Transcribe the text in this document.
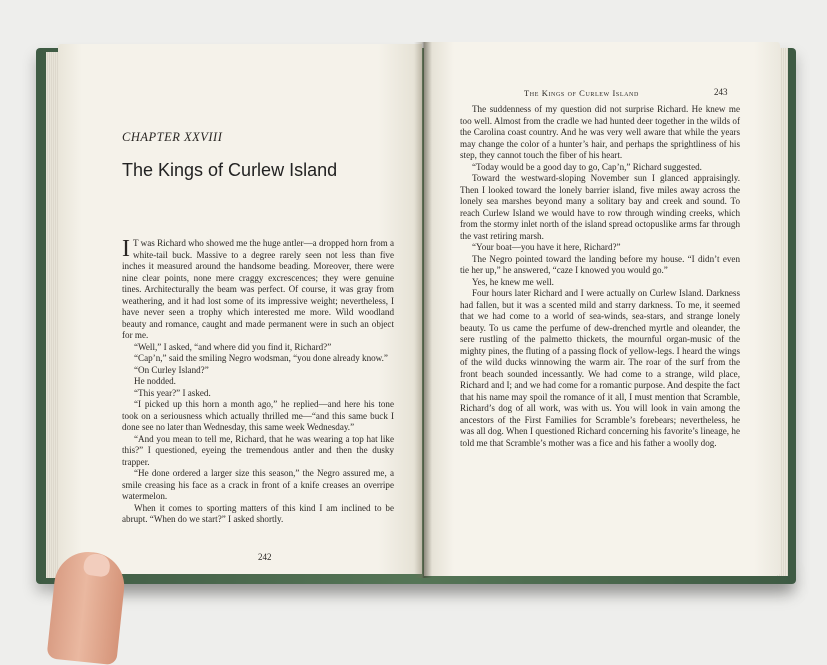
CHAPTER XXVIII
The Kings of Curlew Island

I T was Richard who showed me the huge antler—a dropped horn from a white-tail buck. Massive to a degree rarely seen not less than five inches it measured around the handsome beading. Moreover, there were nine clear points, none mere craggy excrescences; they were genuine tines. Architecturally the beam was perfect. Of course, it was gray from weathering, and it had lost some of its impressive weight; nevertheless, I have never seen a trophy which interested me more. Wild woodland beauty and romance, caught and made permanent were in such an object for me.

“Well,” I asked, “and where did you find it, Richard?”

“Cap’n,” said the smiling Negro wodsman, “you done already know.”

“On Curley Island?”

He nodded.

“This year?” I asked.

“I picked up this horn a month ago,” he replied—and here his tone took on a seriousness which actually thrilled me—“and this same buck I done see no later than Wednesday, this same week Wednesday.”

“And you mean to tell me, Richard, that he was wearing a top hat like this?” I questioned, eyeing the tremendous antler and then the dusky trapper.

“He done ordered a larger size this season,” the Negro assured me, a smile creasing his face as a crack in front of a knife creases an overripe watermelon.

When it comes to sporting matters of this kind I am inclined to be abrupt. “When do we start?” I asked shortly.

242
The Kings of Curlew Island	243

The suddenness of my question did not surprise Richard. He knew me too well. Almost from the cradle we had hunted deer together in the wilds of the Carolina coast country. And he was very well aware that while the years may change the color of a hunter’s hair, and perhaps the sprightliness of his step, they cannot touch the fiber of his heart.

“Today would be a good day to go, Cap’n,” Richard suggested.

Toward the westward-sloping November sun I glanced appraisingly. Then I looked toward the lonely barrier island, five miles away across the lonely sea marshes beyond many a solitary bay and creek and sound. To reach Curlew Island we would have to row through winding creeks, which from the stormy inlet north of the island spread octopuslike arms far through the vast retiring marsh.

“Your boat—you have it here, Richard?”

The Negro pointed toward the landing before my house. “I didn’t even tie her up,” he answered, “caze I knowed you would go.”

Yes, he knew me well.

Four hours later Richard and I were actually on Curlew Island. Darkness had fallen, but it was a scented mild and starry darkness. To me, it seemed that we had come to a world of sea-winds, sea-stars, and strange lonely beauty. To us came the perfume of dew-drenched myrtle and oleander, the sere rustling of the palmetto thickets, the mournful organ-music of the mighty pines, the fluting of a passing flock of yellow-legs. I heard the wings of the wild ducks winnowing the warm air. The roar of the surf from the front beach sounded incessantly. We had come to a strange, wild place, Richard and I; and we had come for a romantic purpose. And despite the fact that his name may spoil the romance of it all, I must mention that Scramble, Richard’s dog of all work, was with us. You will look in vain among the ancestors of the First Families for Scramble’s forebears; nevertheless, he was all dog. When I questioned Richard concerning his favorite’s lineage, he told me that Scramble’s mother was a fice and his father a woolly dog.
